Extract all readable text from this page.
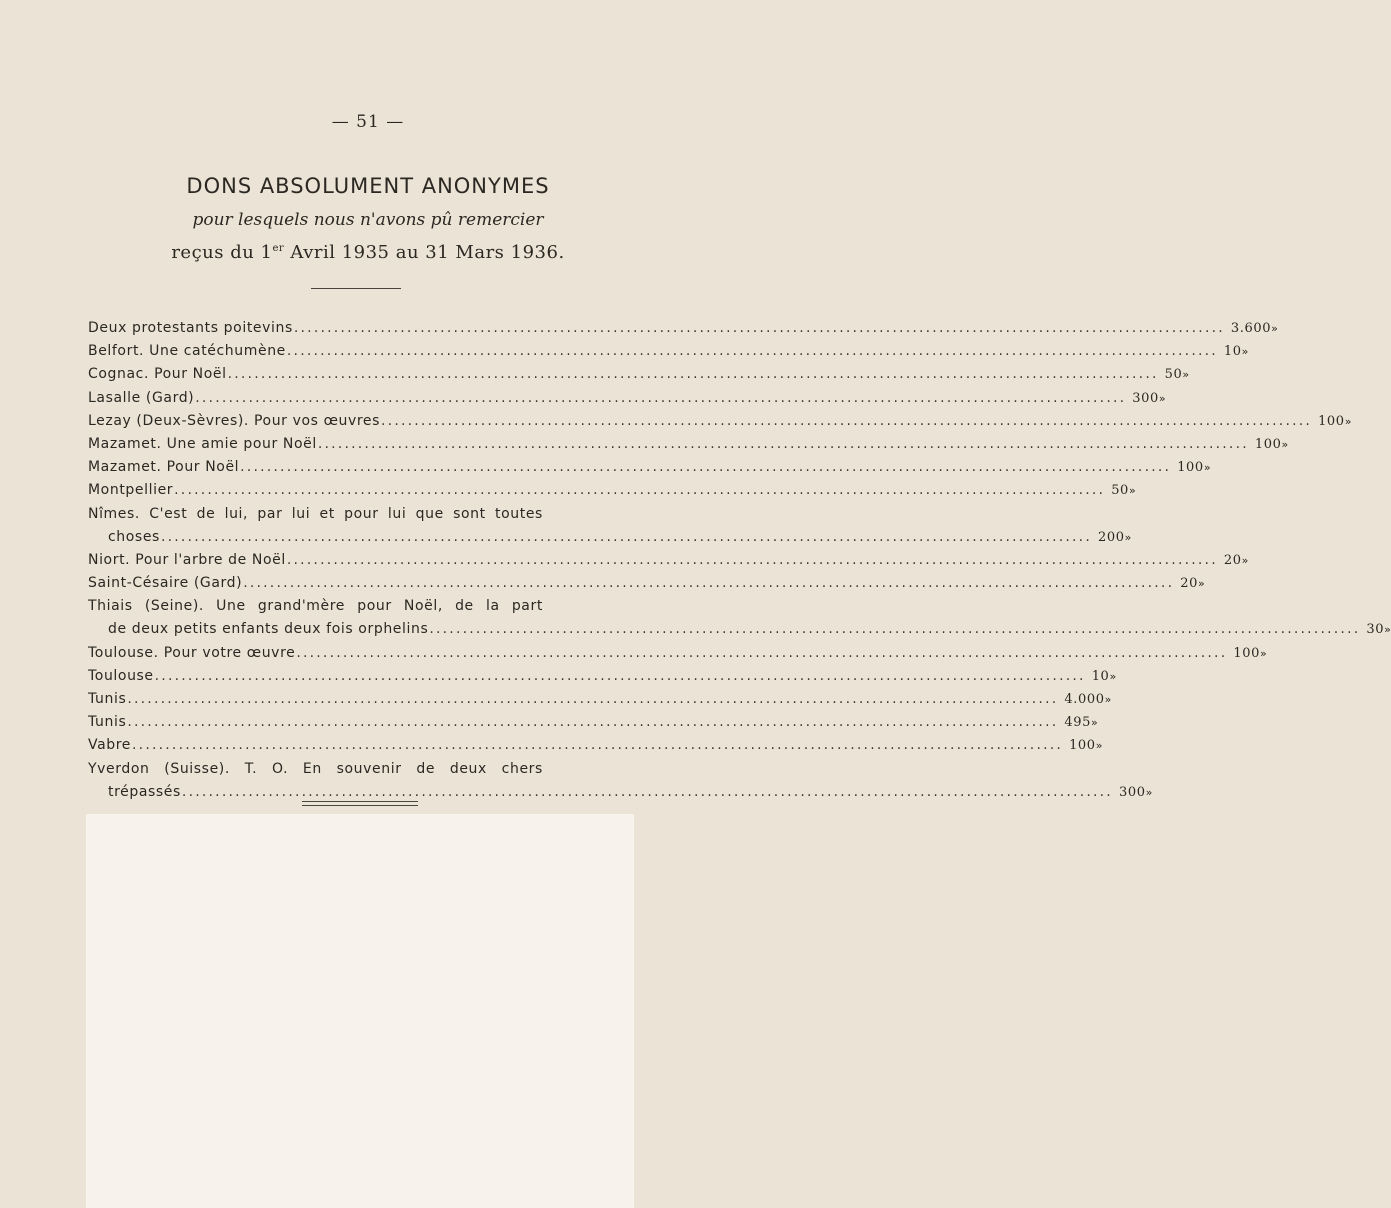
— 51 —
DONS ABSOLUMENT ANONYMES
pour lesquels nous n'avons pû remercier
reçus du 1er Avril 1935 au 31 Mars 1936.
Deux protestants poitevins ............................................................................................................................................ 3.600 »
Belfort. Une catéchumène ............................................................................................................................................ 10 »
Cognac. Pour Noël ............................................................................................................................................ 50 »
Lasalle (Gard) ............................................................................................................................................ 300 »
Lezay (Deux-Sèvres). Pour vos œuvres ............................................................................................................................................ 100 »
Mazamet. Une amie pour Noël ............................................................................................................................................ 100 »
Mazamet. Pour Noël ............................................................................................................................................ 100 »
Montpellier ............................................................................................................................................ 50 »
Nîmes. C'est de lui, par lui et pour lui que sont toutes
choses ............................................................................................................................................ 200 »
Niort. Pour l'arbre de Noël ............................................................................................................................................ 20 »
Saint-Césaire (Gard) ............................................................................................................................................ 20 »
Thiais (Seine). Une grand'mère pour Noël, de la part
de deux petits enfants deux fois orphelins ............................................................................................................................................ 30 »
Toulouse. Pour votre œuvre ............................................................................................................................................ 100 »
Toulouse ............................................................................................................................................ 10 »
Tunis ............................................................................................................................................ 4.000 »
Tunis ............................................................................................................................................ 495 »
Vabre ............................................................................................................................................ 100 »
Yverdon (Suisse). T. O. En souvenir de deux chers
trépassés ............................................................................................................................................ 300 »
